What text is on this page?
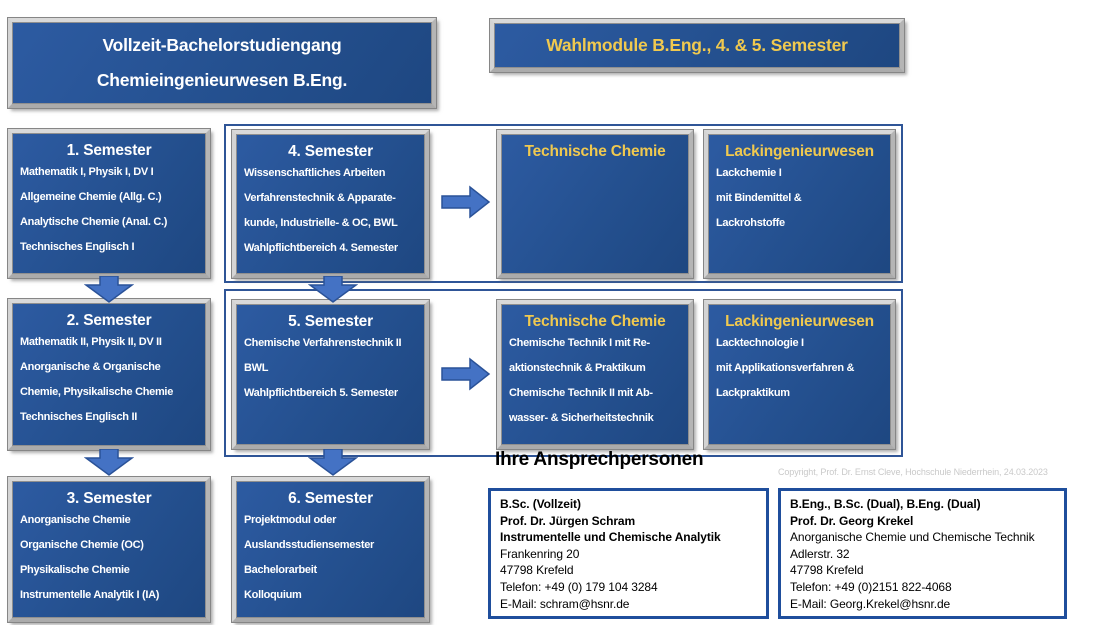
Vollzeit-Bachelorstudiengang
Chemieingenieurwesen B.Eng.
Wahlmodule B.Eng., 4. & 5. Semester
1. Semester
Mathematik I, Physik I, DV I
Allgemeine Chemie (Allg. C.)
Analytische Chemie (Anal. C.)
Technisches Englisch I
4. Semester
Wissenschaftliches Arbeiten
Verfahrenstechnik & Apparate-
kunde, Industrielle- & OC, BWL
Wahlpflichtbereich 4. Semester
Technische Chemie	Lackingenieurwesen
Lackchemie I
mit Bindemittel &
Lackrohstoffe
2. Semester
Mathematik II, Physik II, DV II
Anorganische & Organische
Chemie, Physikalische Chemie
Technisches Englisch II
5. Semester
Chemische Verfahrenstechnik II
BWL
Wahlpflichtbereich 5. Semester
Technische Chemie
Chemische Technik I mit Re-
aktionstechnik & Praktikum
Chemische Technik II mit Ab-
wasser- & Sicherheitstechnik
Lackingenieurwesen
Lacktechnologie I
mit Applikationsverfahren &
Lackpraktikum
3. Semester
Anorganische Chemie
Organische Chemie (OC)
Physikalische Chemie
Instrumentelle Analytik I (IA)
6. Semester
Projektmodul oder
Auslandsstudiensemester
Bachelorarbeit
Kolloquium
Ihre Ansprechpersonen
Copyright, Prof. Dr. Ernst Cleve, Hochschule Niederrhein, 24.03.2023
B.Sc. (Vollzeit)
Prof. Dr. Jürgen Schram
Instrumentelle und Chemische Analytik
Frankenring 20
47798 Krefeld
Telefon: +49 (0) 179 104 3284
E-Mail: schram@hsnr.de
B.Eng., B.Sc. (Dual), B.Eng. (Dual)
Prof. Dr. Georg Krekel
Anorganische Chemie und Chemische Technik
Adlerstr. 32
47798 Krefeld
Telefon: +49 (0)2151 822-4068
E-Mail: Georg.Krekel@hsnr.de
